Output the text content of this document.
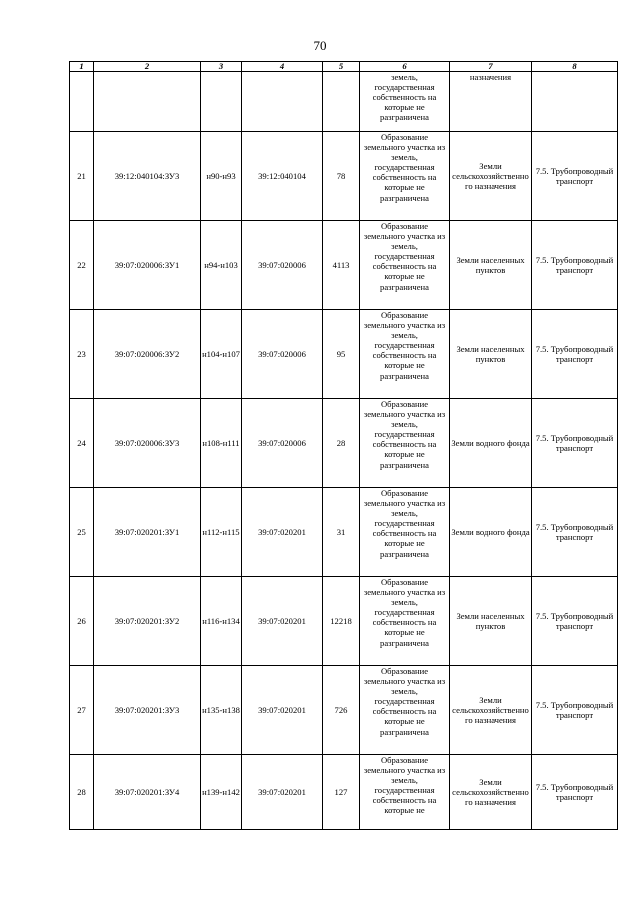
70
1	2	3	4	5	6	7	8
					земель, государственная собственность на которые не разграничена	назначения	
21	39:12:040104:ЗУ3	н90-н93	39:12:040104	78	Образование земельного участка из земель, государственная собственность на которые не разграничена	Земли сельскохозяйственного назначения	7.5. Трубопроводный транспорт
22	39:07:020006:ЗУ1	н94-н103	39:07:020006	4113	Образование земельного участка из земель, государственная собственность на которые не разграничена	Земли населенных пунктов	7.5. Трубопроводный транспорт
23	39:07:020006:ЗУ2	н104-н107	39:07:020006	95	Образование земельного участка из земель, государственная собственность на которые не разграничена	Земли населенных пунктов	7.5. Трубопроводный транспорт
24	39:07:020006:ЗУ3	н108-н111	39:07:020006	28	Образование земельного участка из земель, государственная собственность на которые не разграничена	Земли водного фонда	7.5. Трубопроводный транспорт
25	39:07:020201:ЗУ1	н112-н115	39:07:020201	31	Образование земельного участка из земель, государственная собственность на которые не разграничена	Земли водного фонда	7.5. Трубопроводный транспорт
26	39:07:020201:ЗУ2	н116-н134	39:07:020201	12218	Образование земельного участка из земель, государственная собственность на которые не разграничена	Земли населенных пунктов	7.5. Трубопроводный транспорт
27	39:07:020201:ЗУ3	н135-н138	39:07:020201	726	Образование земельного участка из земель, государственная собственность на которые не разграничена	Земли сельскохозяйственного назначения	7.5. Трубопроводный транспорт
28	39:07:020201:ЗУ4	н139-н142	39:07:020201	127	Образование земельного участка из земель, государственная собственность на которые не	Земли сельскохозяйственного назначения	7.5. Трубопроводный транспорт
